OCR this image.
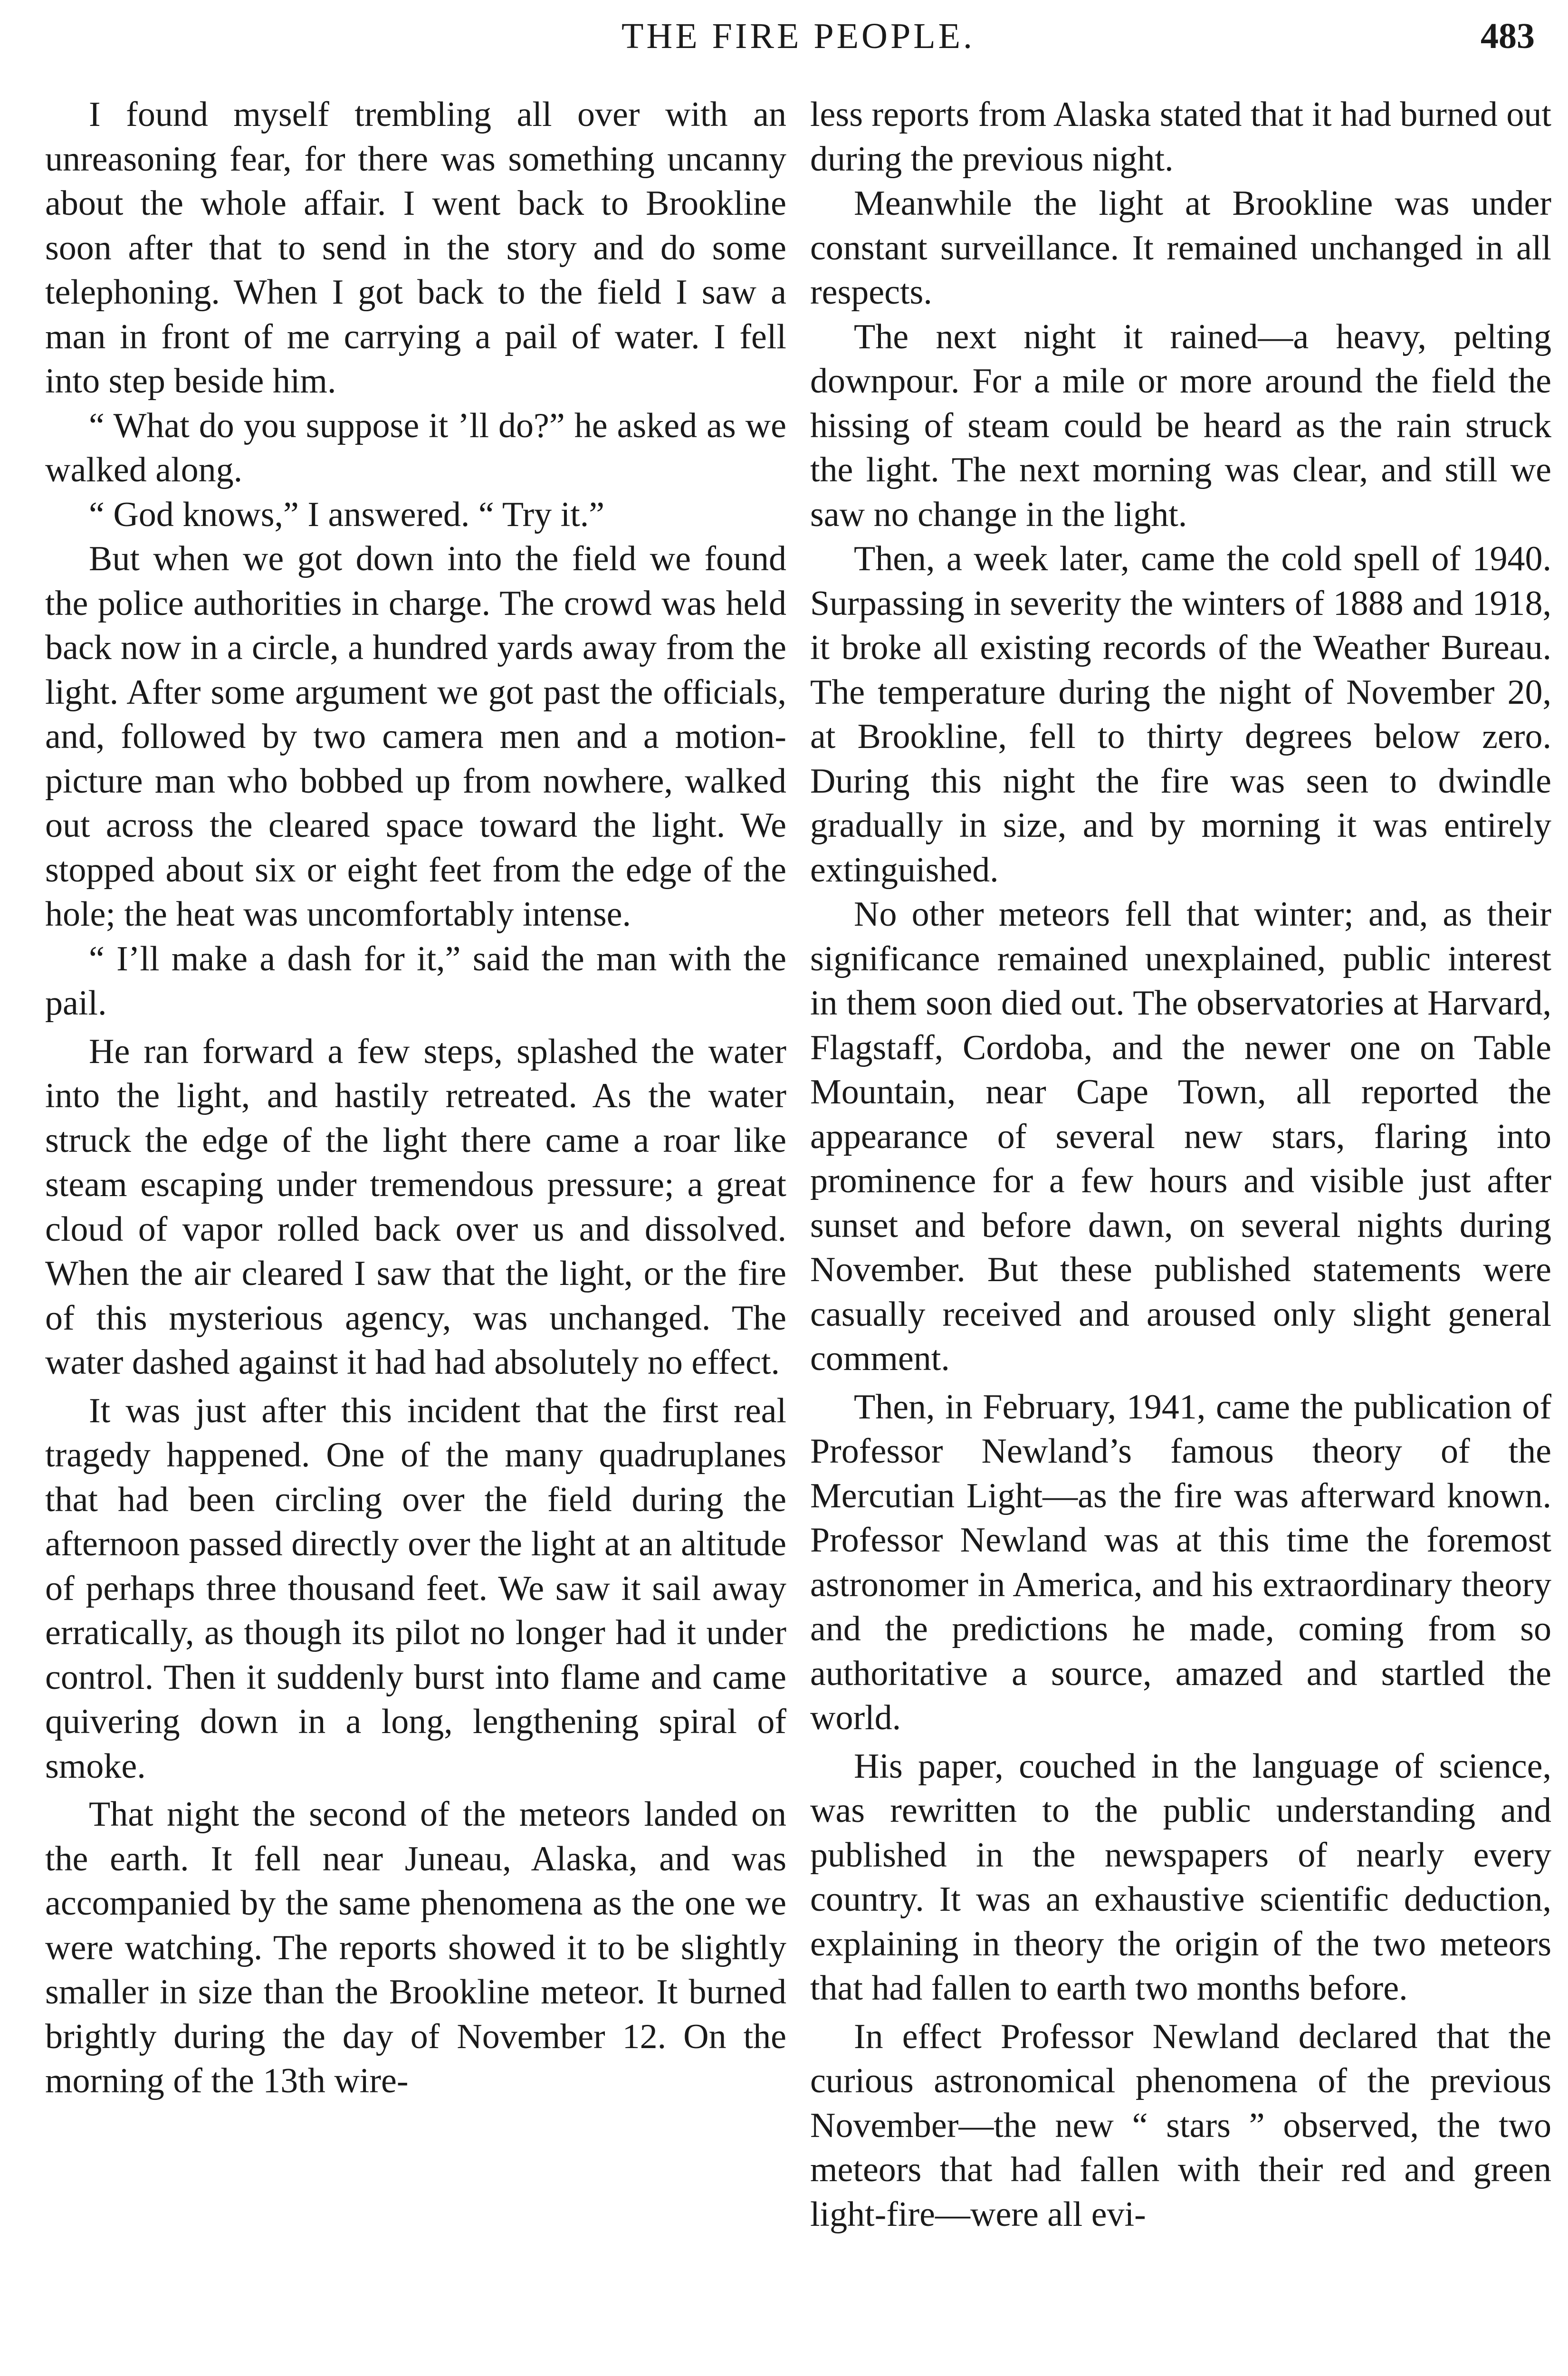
THE FIRE PEOPLE.	483

I found myself trembling all over with an unreasoning fear, for there was something uncanny about the whole affair. I went back to Brookline soon after that to send in the story and do some telephoning. When I got back to the field I saw a man in front of me carrying a pail of water. I fell into step beside him.

“ What do you suppose it ’ll do?” he asked as we walked along.

“ God knows,” I answered. “ Try it.”

But when we got down into the field we found the police authorities in charge. The crowd was held back now in a circle, a hundred yards away from the light. After some argument we got past the officials, and, followed by two camera men and a motion-picture man who bobbed up from nowhere, walked out across the cleared space toward the light. We stopped about six or eight feet from the edge of the hole; the heat was uncomfortably intense.

“ I’ll make a dash for it,” said the man with the pail.

He ran forward a few steps, splashed the water into the light, and hastily retreated. As the water struck the edge of the light there came a roar like steam escaping under tremendous pressure; a great cloud of vapor rolled back over us and dissolved. When the air cleared I saw that the light, or the fire of this mysterious agency, was unchanged. The water dashed against it had had absolutely no effect.

It was just after this incident that the first real tragedy happened. One of the many quadruplanes that had been circling over the field during the afternoon passed directly over the light at an altitude of perhaps three thousand feet. We saw it sail away erratically, as though its pilot no longer had it under control. Then it suddenly burst into flame and came quivering down in a long, lengthening spiral of smoke.

That night the second of the meteors landed on the earth. It fell near Juneau, Alaska, and was accompanied by the same phenomena as the one we were watching. The reports showed it to be slightly smaller in size than the Brookline meteor. It burned brightly during the day of November 12. On the morning of the 13th wire-

less reports from Alaska stated that it had burned out during the previous night.

Meanwhile the light at Brookline was under constant surveillance. It remained unchanged in all respects.

The next night it rained—a heavy, pelting downpour. For a mile or more around the field the hissing of steam could be heard as the rain struck the light. The next morning was clear, and still we saw no change in the light.

Then, a week later, came the cold spell of 1940. Surpassing in severity the winters of 1888 and 1918, it broke all existing records of the Weather Bureau. The temperature during the night of November 20, at Brookline, fell to thirty degrees below zero. During this night the fire was seen to dwindle gradually in size, and by morning it was entirely extinguished.

No other meteors fell that winter; and, as their significance remained unexplained, public interest in them soon died out. The observatories at Harvard, Flagstaff, Cordoba, and the newer one on Table Mountain, near Cape Town, all reported the appearance of several new stars, flaring into prominence for a few hours and visible just after sunset and before dawn, on several nights during November. But these published statements were casually received and aroused only slight general comment.

Then, in February, 1941, came the publication of Professor Newland’s famous theory of the Mercutian Light—as the fire was afterward known. Professor Newland was at this time the foremost astronomer in America, and his extraordinary theory and the predictions he made, coming from so authoritative a source, amazed and startled the world.

His paper, couched in the language of science, was rewritten to the public understanding and published in the newspapers of nearly every country. It was an exhaustive scientific deduction, explaining in theory the origin of the two meteors that had fallen to earth two months before.

In effect Professor Newland declared that the curious astronomical phenomena of the previous November—the new “ stars ” observed, the two meteors that had fallen with their red and green light-fire—were all evi-
